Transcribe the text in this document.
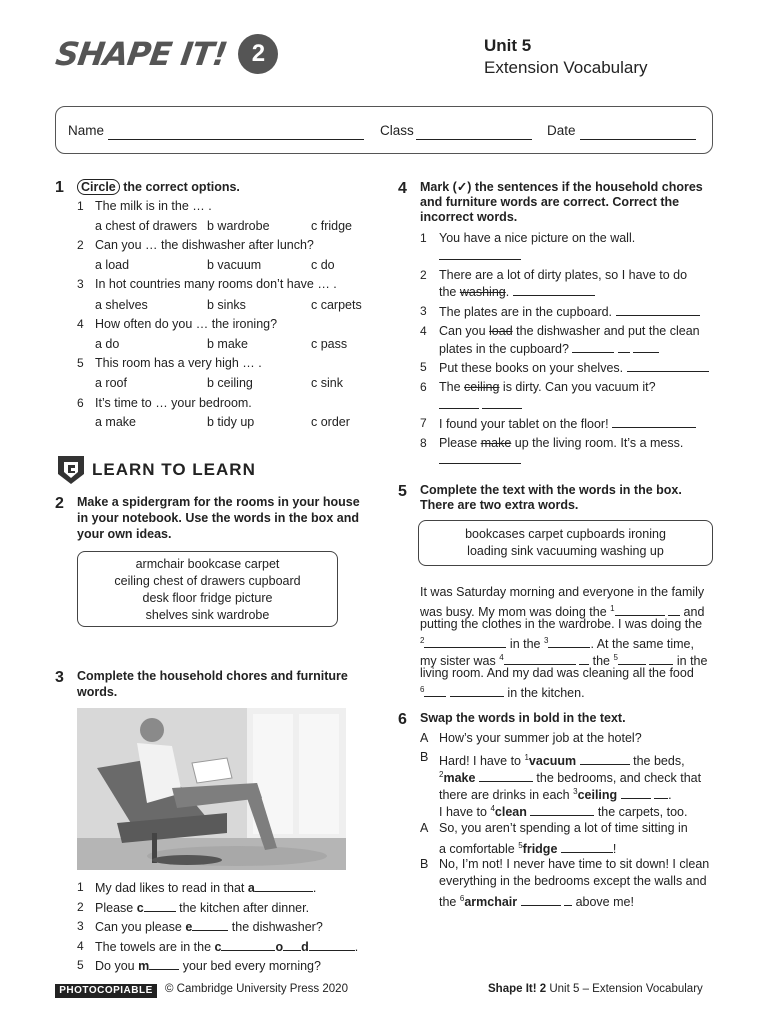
SHAPE IT! 2	Unit 5
Extension Vocabulary
Name	Class	Date
1	Circle the correct options.
1 The milk is in the … .
a chest of drawers b wardrobe	c fridge
2 Can you … the dishwasher after lunch?
a load	b vacuum	c do
3 In hot countries many rooms don’t have … .
a shelves	b sinks	c carpets
4 How often do you … the ironing?
a do	b make	c pass
5 This room has a very high … .
a roof	b ceiling	c sink
6 It’s time to … your bedroom.
a make	b tidy up	c order
LEARN TO LEARN
2 Make a spidergram for the rooms in your house
in your notebook. Use the words in the box and
your own ideas.
armchair bookcase carpet
ceiling chest of drawers cupboard
desk floor fridge picture
shelves sink wardrobe
3 Complete the household chores and furniture
words.
1 My dad likes to read in that a	.
2 Please c	the kitchen after dinner.
3 Can you please e	the dishwasher?
4 The towels are in the c	o d	.
5 Do you m your bed every morning?
4 Mark (✓) the sentences if the household chores
and furniture words are correct. Correct the
incorrect words.
1 You have a nice picture on the wall.
2 There are a lot of dirty plates, so I have to do
the washing.
3 The plates are in the cupboard.
4 Can you load the dishwasher and put the clean
plates in the cupboard?
5 Put these books on your shelves.
6 The ceiling is dirty. Can you vacuum it?

7 I found your tablet on the floor!
8 Please make up the living room. It’s a mess.
5 Complete the text with the words in the box.
There are two extra words.
bookcases carpet cupboards ironing
loading sink vacuuming washing up
It was Saturday morning and everyone in the family
was busy. My mom was doing the $^1$	and
putting the clothes in the wardrobe. I was doing the
$^2$	in the $^3$	. At the same time,
my sister was $^4$	the $^5$	in the
living room. And my dad was cleaning all the food
$^6$	in the kitchen.
6 Swap the words in bold in the text.
A How’s your summer job at the hotel?
B Hard! I have to $^1$vacuum	the beds,
$^2$make	the bedrooms, and check that
there are drinks in each $^3$ceiling	.
I have to $^4$clean	the carpets, too.
A So, you aren’t spending a lot of time sitting in
a comfortable $^5$fridge	!
B No, I’m not! I never have time to sit down! I clean
everything in the bedrooms except the walls and
the $^6$armchair	above me!
PHOTOCOPIABLE	© Cambridge University Press 2020	Shape It! 2 Unit 5 – Extension Vocabulary
